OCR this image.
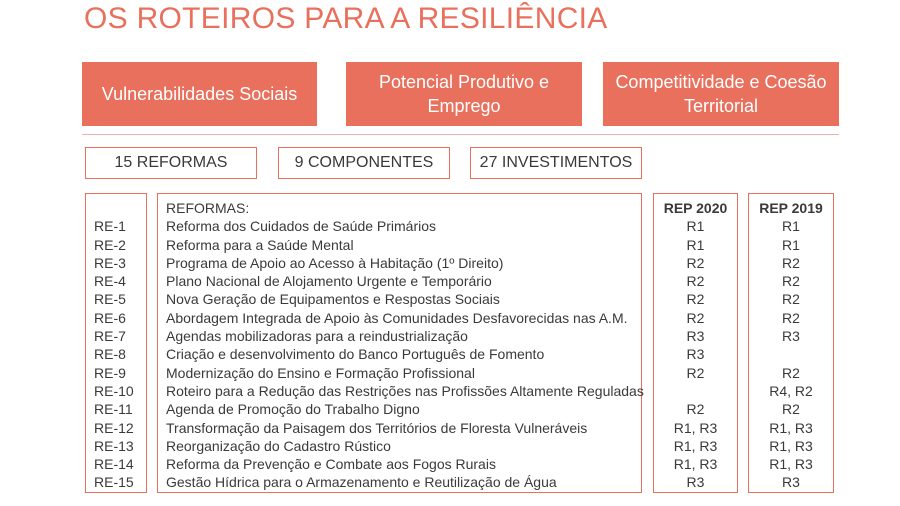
OS ROTEIROS PARA A RESILIÊNCIA
Vulnerabilidades Sociais
Potencial Produtivo e Emprego
Competitividade e Coesão Territorial
15 REFORMAS	9 COMPONENTES	27 INVESTIMENTOS
RE-1
RE-2
RE-3
RE-4
RE-5
RE-6
RE-7
RE-8
RE-9
RE-10
RE-11
RE-12
RE-13
RE-14
RE-15
REFORMAS:
Reforma dos Cuidados de Saúde Primários
Reforma para a Saúde Mental
Programa de Apoio ao Acesso à Habitação (1º Direito)
Plano Nacional de Alojamento Urgente e Temporário
Nova Geração de Equipamentos e Respostas Sociais
Abordagem Integrada de Apoio às Comunidades Desfavorecidas nas A.M.
Agendas mobilizadoras para a reindustrialização
Criação e desenvolvimento do Banco Português de Fomento
Modernização do Ensino e Formação Profissional
Roteiro para a Redução das Restrições nas Profissões Altamente Reguladas
Agenda de Promoção do Trabalho Digno
Transformação da Paisagem dos Territórios de Floresta Vulneráveis
Reorganização do Cadastro Rústico
Reforma da Prevenção e Combate aos Fogos Rurais
Gestão Hídrica para o Armazenamento e Reutilização de Água
REP 2020
R1
R1
R2
R2
R2
R2
R3
R3
R2
R2
R1, R3
R1, R3
R1, R3
R3
REP 2019
R1
R1
R2
R2
R2
R2
R3
R2
R4, R2
R2
R1, R3
R1, R3
R1, R3
R3
